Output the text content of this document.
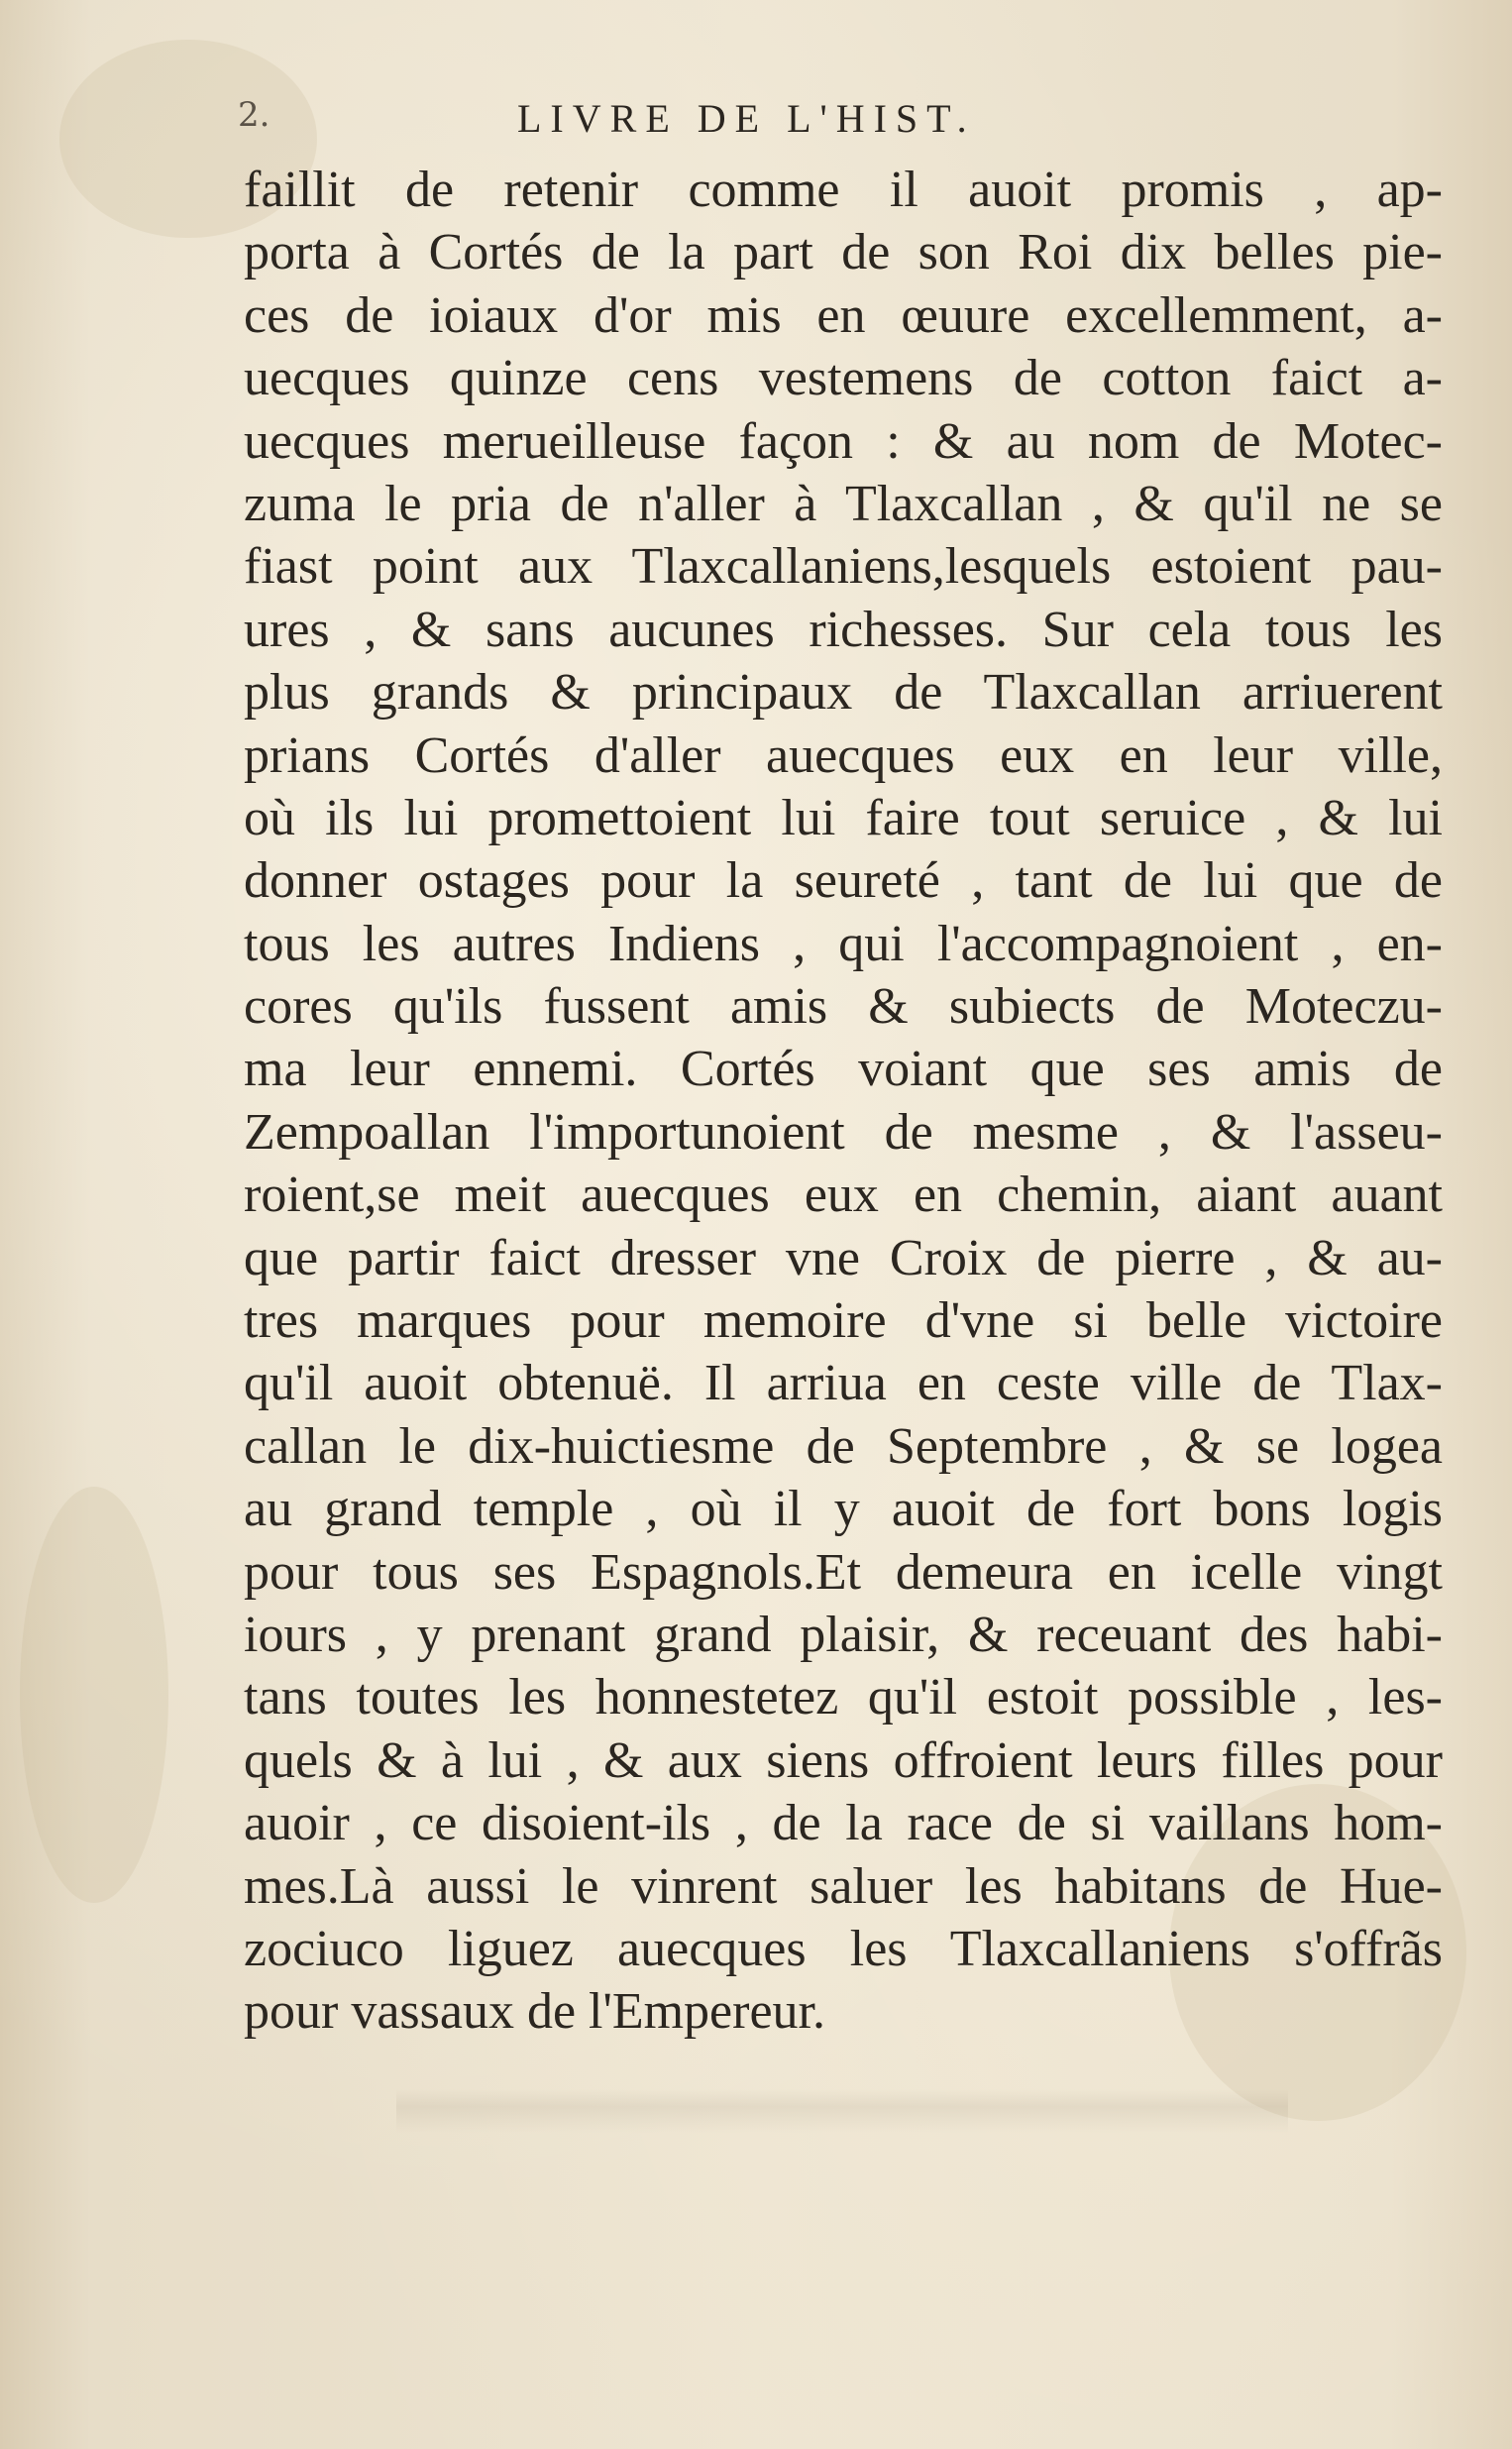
2.	LIVRE DE L'HIST.
faillit de retenir comme il auoit promis , ap-
porta à Cortés de la part de son Roi dix belles pie-
ces de ioiaux d'or mis en œuure excellemment, a-
uecques quinze cens vestemens de cotton faict a-
uecques merueilleuse façon : & au nom de Motec-
zuma le pria de n'aller à Tlaxcallan , & qu'il ne se
fiast point aux Tlaxcallaniens,lesquels estoient pau-
ures , & sans aucunes richesses. Sur cela tous les
plus grands & principaux de Tlaxcallan arriuerent
prians Cortés d'aller auecques eux en leur ville,
où ils lui promettoient lui faire tout seruice , & lui
donner ostages pour la seureté , tant de lui que de
tous les autres Indiens , qui l'accompagnoient , en-
cores qu'ils fussent amis & subiects de Moteczu-
ma leur ennemi. Cortés voiant que ses amis de
Zempoallan l'importunoient de mesme , & l'asseu-
roient,se meit auecques eux en chemin, aiant auant
que partir faict dresser vne Croix de pierre , & au-
tres marques pour memoire d'vne si belle victoire
qu'il auoit obtenuë. Il arriua en ceste ville de Tlax-
callan le dix-huictiesme de Septembre , & se logea
au grand temple , où il y auoit de fort bons logis
pour tous ses Espagnols.Et demeura en icelle vingt
iours , y prenant grand plaisir, & receuant des habi-
tans toutes les honnestetez qu'il estoit possible , les-
quels & à lui , & aux siens offroient leurs filles pour
auoir , ce disoient-ils , de la race de si vaillans hom-
mes.Là aussi le vinrent saluer les habitans de Hue-
zociuco liguez auecques les Tlaxcallaniens s'offrãs
pour vassaux de l'Empereur.
